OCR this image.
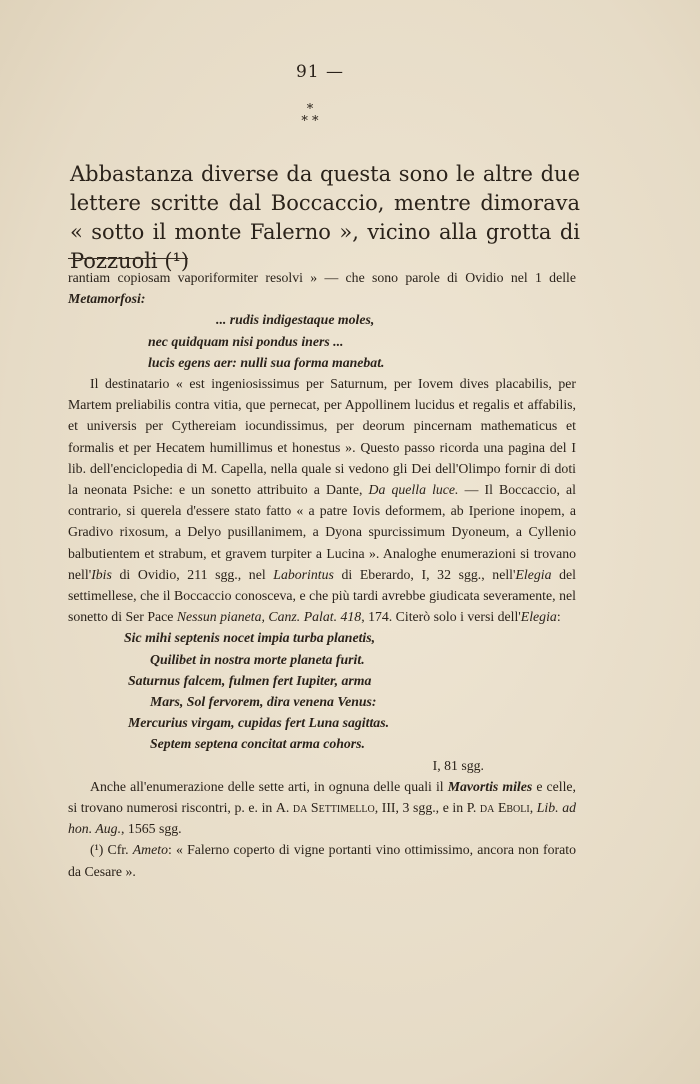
91 —
*
* *
Abbastanza diverse da questa sono le altre due lettere scritte dal Boccaccio, mentre dimorava « sotto il monte Falerno », vicino alla grotta di Pozzuoli (¹)

rantiam copiosam vaporiformiter resolvi » — che sono parole di Ovidio nel 1 delle Metamorfosi:

... rudis indigestaque moles,
nec quidquam nisi pondus iners ...
lucis egens aer: nulli sua forma manebat.

Il destinatario « est ingeniosissimus per Saturnum, per Iovem dives placabilis, per Martem preliabilis contra vitia, que pernecat, per Appollinem lucidus et regalis et affabilis, et universis per Cythereiam iocundissimus, per deorum pincernam mathematicus et formalis et per Hecatem humillimus et honestus ». Questo passo ricorda una pagina del I lib. dell'enciclopedia di M. Capella, nella quale si vedono gli Dei dell'Olimpo fornir di doti la neonata Psiche: e un sonetto attribuito a Dante, Da quella luce. — Il Boccaccio, al contrario, si querela d'essere stato fatto « a patre Iovis deformem, ab Iperione inopem, a Gradivo rixosum, a Delyo pusillanimem, a Dyona spurcissimum Dyoneum, a Cyllenio balbutientem et strabum, et gravem turpiter a Lucina ». Analoghe enumerazioni si trovano nell'Ibis di Ovidio, 211 sgg., nel Laborintus di Eberardo, I, 32 sgg., nell'Elegia del settimellese, che il Boccaccio conosceva, e che più tardi avrebbe giudicata severamente, nel sonetto di Ser Pace Nessun pianeta, Canz. Palat. 418, 174. Citerò solo i versi dell'Elegia:

Sic mihi septenis nocet impia turba planetis,
Quilibet in nostra morte planeta furit.
Saturnus falcem, fulmen fert Iupiter, arma
Mars, Sol fervorem, dira venena Venus:
Mercurius virgam, cupidas fert Luna sagittas.
Septem septena concitat arma cohors.
I, 81 sgg.

Anche all'enumerazione delle sette arti, in ognuna delle quali il Mavortis miles e celle, si trovano numerosi riscontri, p. e. in A. da Settimello, III, 3 sgg., e in P. da Eboli, Lib. ad hon. Aug., 1565 sgg.

(¹) Cfr. Ameto: « Falerno coperto di vigne portanti vino ottimissimo, ancora non forato da Cesare ».
